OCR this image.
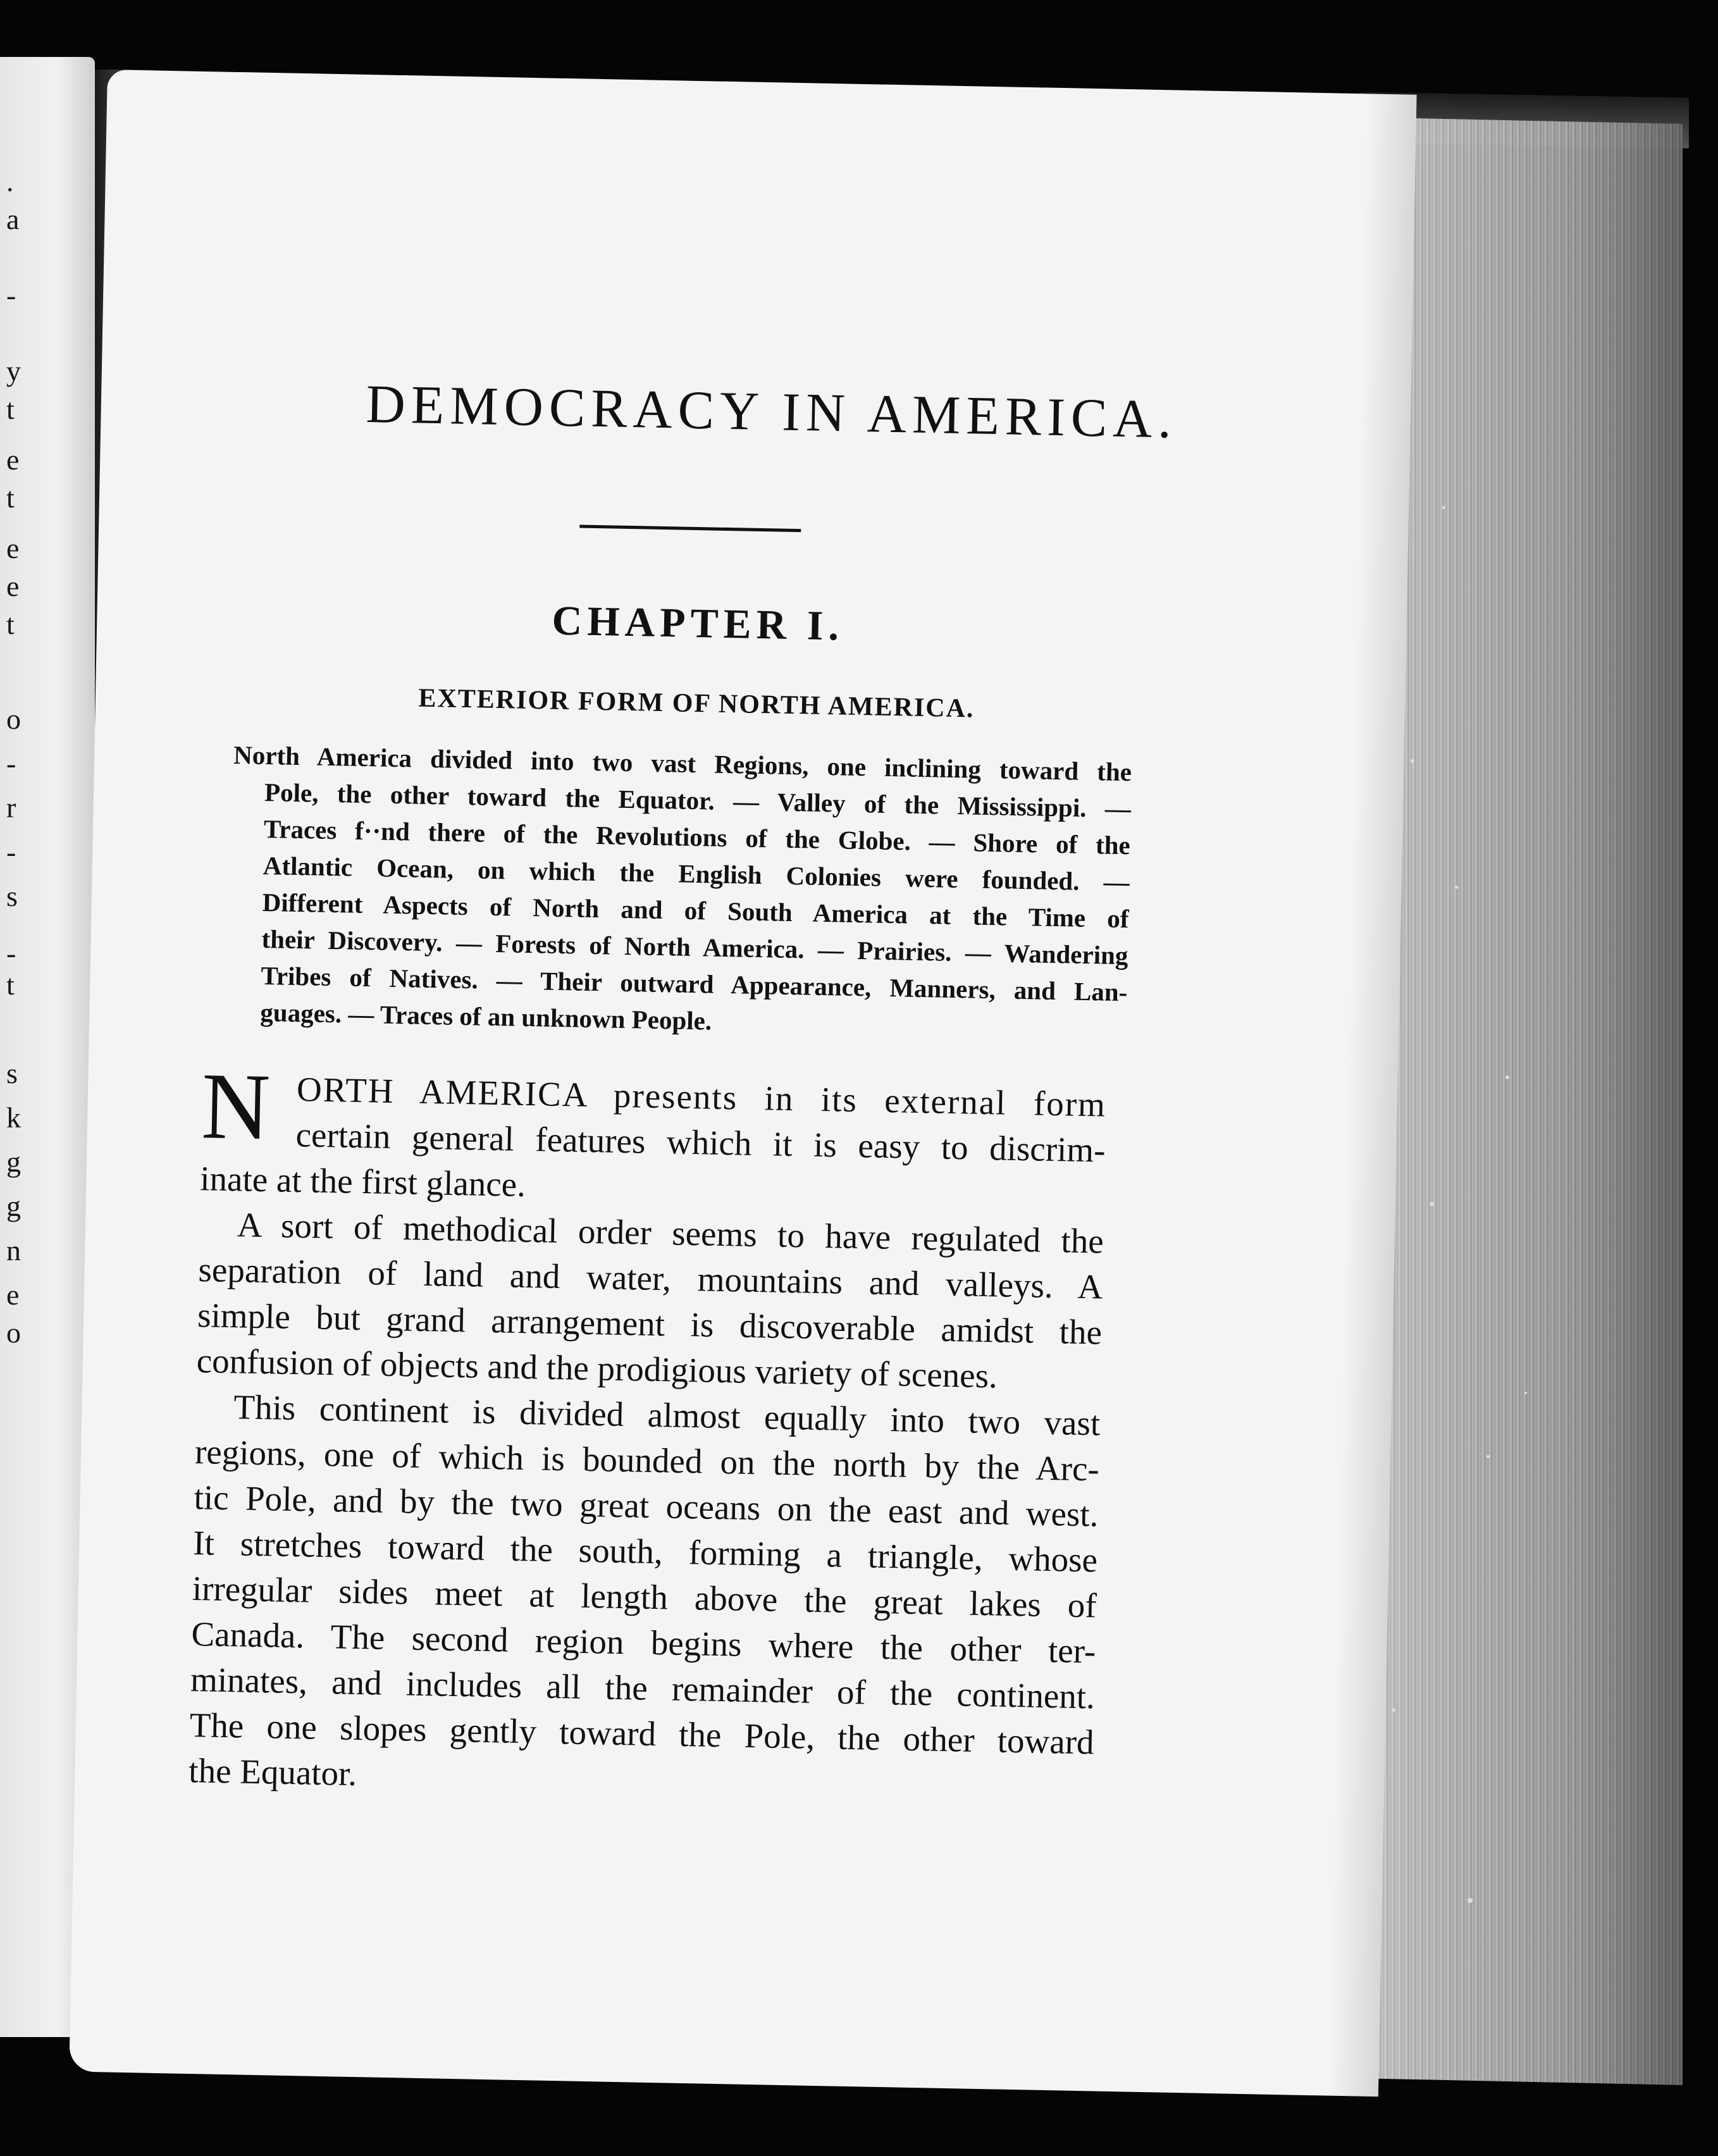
.
a
-
y
t
e
t
e
e
t
o
-
r
-
s
-
t
s
k
g
g
n
e
o
DEMOCRACY IN AMERICA.
CHAPTER I.
EXTERIOR FORM OF NORTH AMERICA.
North America divided into two vast Regions, one inclining toward the
Pole, the other toward the Equator. — Valley of the Mississippi. —
Traces f··nd there of the Revolutions of the Globe. — Shore of the
Atlantic Ocean, on which the English Colonies were founded. —
Different Aspects of North and of South America at the Time of
their Discovery. — Forests of North America. — Prairies. — Wandering
Tribes of Natives. — Their outward Appearance, Manners, and Lan-
guages. — Traces of an unknown People.
N ORTH AMERICA presents in its external form
certain general features which it is easy to discrim-
inate at the first glance.
A sort of methodical order seems to have regulated the
separation of land and water, mountains and valleys. A
simple but grand arrangement is discoverable amidst the
confusion of objects and the prodigious variety of scenes.
This continent is divided almost equally into two vast
regions, one of which is bounded on the north by the Arc-
tic Pole, and by the two great oceans on the east and west.
It stretches toward the south, forming a triangle, whose
irregular sides meet at length above the great lakes of
Canada. The second region begins where the other ter-
minates, and includes all the remainder of the continent.
The one slopes gently toward the Pole, the other toward
the Equator.
